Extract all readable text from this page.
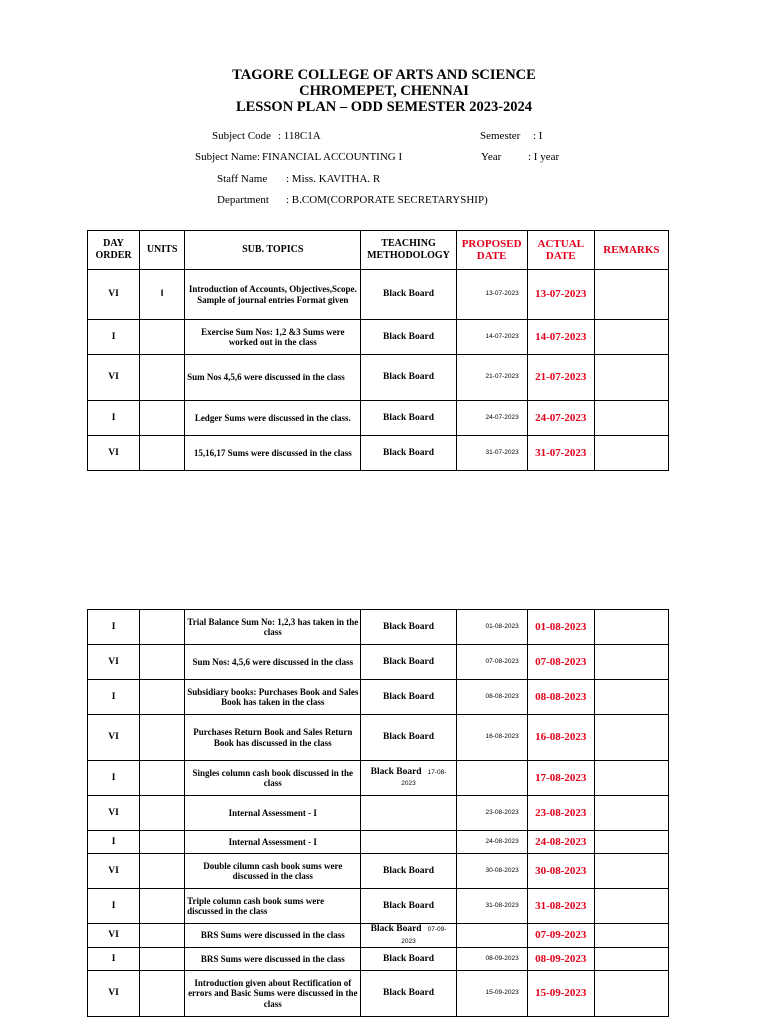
TAGORE COLLEGE OF ARTS AND SCIENCE
CHROMEPET, CHENNAI
LESSON PLAN – ODD SEMESTER 2023-2024
Subject Code : 118C1A	Semester : I
Subject Name: FINANCIAL ACCOUNTING I	Year : I year
Staff Name : Miss. KAVITHA. R
Department : B.COM(CORPORATE SECRETARYSHIP)
DAY ORDER	UNITS	SUB. TOPICS	TEACHING METHODOLOGY	PROPOSED DATE	ACTUAL DATE	REMARKS
VI	I	Introduction of Accounts, Objectives,Scope. Sample of journal entries Format given	Black Board	13-07-2023	13-07-2023	
I		Exercise Sum Nos: 1,2 &3 Sums were worked out in the class	Black Board	14-07-2023	14-07-2023	
VI		Sum Nos 4,5,6 were discussed in the class	Black Board	21-07-2023	21-07-2023	
I		Ledger Sums were discussed in the class.	Black Board	24-07-2023	24-07-2023	
VI		15,16,17 Sums were discussed in the class	Black Board	31-07-2023	31-07-2023	
I		Trial Balance Sum No: 1,2,3 has taken in the class	Black Board	01-08-2023	01-08-2023	
VI		Sum Nos: 4,5,6 were discussed in the class	Black Board	07-08-2023	07-08-2023	
I		Subsidiary books: Purchases Book and Sales Book has taken in the class	Black Board	08-08-2023	08-08-2023	
VI		Purchases Return Book and Sales Return Book has discussed in the class	Black Board	16-08-2023	16-08-2023	
I		Singles column cash book discussed in the class	Black Board 17-08-2023		17-08-2023	
VI		Internal Assessment - I		23-08-2023	23-08-2023	
I		Internal Assessment - I		24-08-2023	24-08-2023	
VI		Double cilumn cash book sums were discussed in the class	Black Board	30-08-2023	30-08-2023	
I		Triple column cash book sums were discussed in the class	Black Board	31-08-2023	31-08-2023	
VI		BRS Sums were discussed in the class	Black Board 07-09-2023		07-09-2023	
I		BRS Sums were discussed in the class	Black Board	08-09-2023	08-09-2023	
VI		Introduction given about Rectification of errors and Basic Sums were discussed in the class	Black Board	15-09-2023	15-09-2023	
